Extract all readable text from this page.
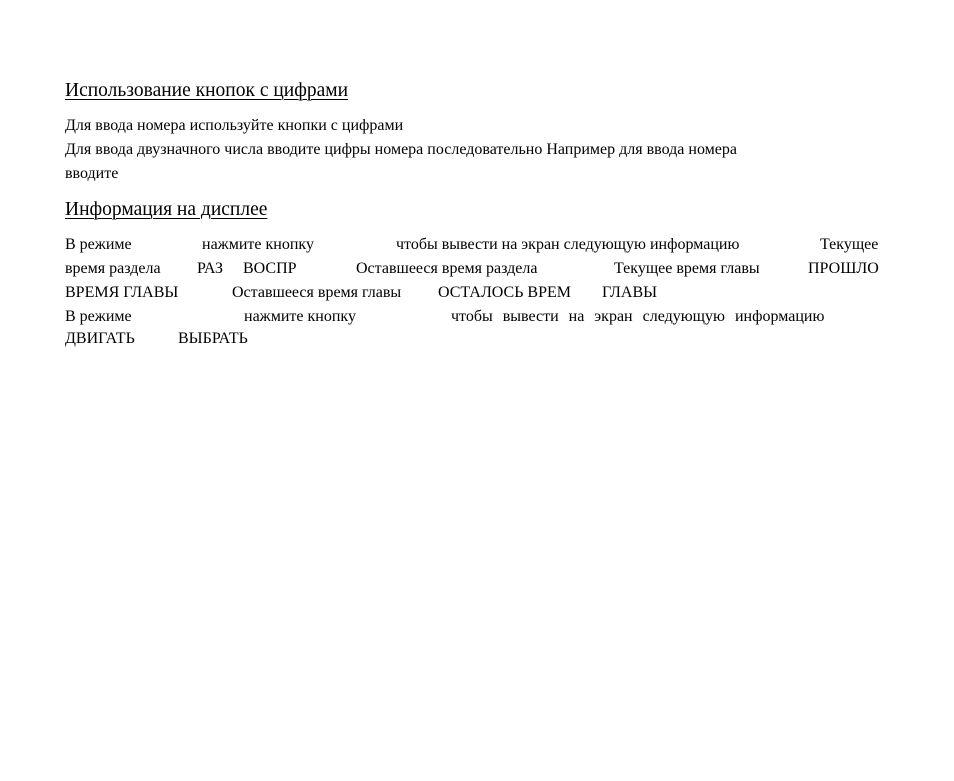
Использование кнопок с цифрами
Для ввода номера используйте кнопки с цифрами
Для ввода двузначного числа вводите цифры номера последовательно Например для ввода номера
вводите
Информация на дисплее
В режиме	нажмите кнопку	чтобы вывести на экран следующую информацию	Текущее
время раздела	РАЗ	ВОСПР	Оставшееся время раздела	Текущее время главы	ПРОШЛО
ВРЕМЯ ГЛАВЫ	Оставшееся время главы	ОСТАЛОСЬ ВРЕМ	ГЛАВЫ
В режиме	нажмите кнопку	чтобы вывести на экран следующую информацию
ДВИГАТЬ	ВЫБРАТЬ
